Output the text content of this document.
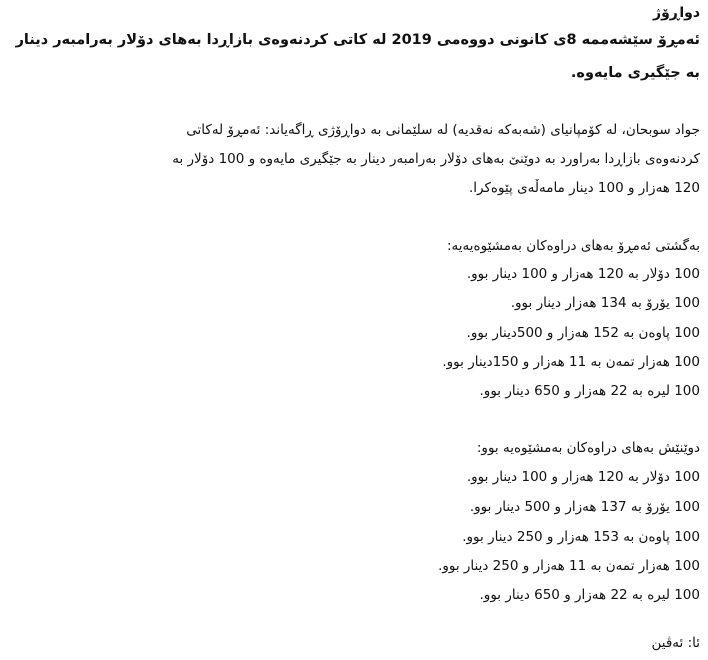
دواڕۆژ
ئەمڕۆ سێشەممە 8ی کانونی دووەمی 2019 لە کاتی کردنەوەی بازاڕدا بەهای دۆلار بەرامبەر دینار
بە جێگیری مایەوە.
جواد سوبحان، لە کۆمپانیای (شەبەکە نەقدیە) لە سلێمانی بە دواڕۆژی ڕاگەیاند: ئەمڕۆ لەکاتی
کردنەوەی بازاڕدا بەراورد بە دوێنێ بەهای دۆلار بەرامبەر دینار بە جێگیری مایەوە و 100 دۆلار بە
120 هەزار و 100 دینار مامەڵەی پێوەکرا.
بەگشتی ئەمڕۆ بەهای دراوەکان بەمشێوەیەیە:
100 دۆلار بە 120 هەزار و 100 دینار بوو.
100 یۆرۆ بە 134 هەزار دینار بوو.
100 پاوەن بە 152 هەزار و 500دینار بوو.
100 هەزار تمەن بە 11 هەزار و 150دینار بوو.
100 لیرە بە 22 هەزار و 650 دینار بوو.
دوێنێش بەهای دراوەکان بەمشێوەیە بوو:
100 دۆلار بە 120 هەزار و 100 دینار بوو.
100 یۆرۆ بە 137 هەزار و 500 دینار بوو.
100 پاوەن بە 153 هەزار و 250 دینار بوو.
100 هەزار تمەن بە 11 هەزار و 250 دینار بوو.
100 لیرە بە 22 هەزار و 650 دینار بوو.
ئا: ئەڤین
